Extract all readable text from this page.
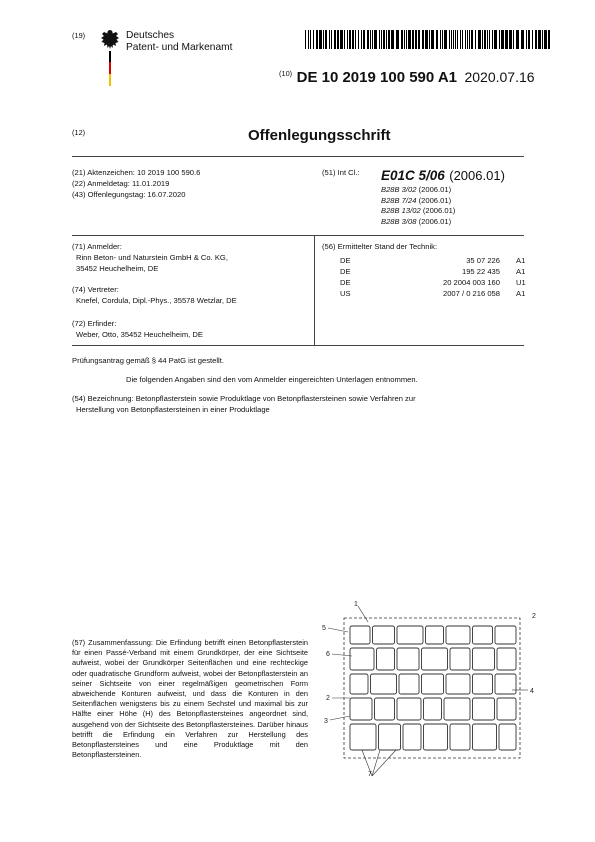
(19)	Deutsches
Patent- und Markenamt
$^{(10)}$ DE 10 2019 100 590 A1 2020.07.16
(12)	Offenlegungsschrift
(21) Aktenzeichen: 10 2019 100 590.6
(22) Anmeldetag: 11.01.2019
(43) Offenlegungstag: 16.07.2020
(51) Int Cl.: E01C 5/06 (2006.01)
B28B 3/02 (2006.01)
B28B 7/24 (2006.01)
B28B 13/02 (2006.01)
B28B 3/08 (2006.01)
(71) Anmelder:
Rinn Beton- und Naturstein GmbH & Co. KG,
35452 Heuchelheim, DE
(74) Vertreter:
Knefel, Cordula, Dipl.-Phys., 35578 Wetzlar, DE
(72) Erfinder:
Weber, Otto, 35452 Heuchelheim, DE
(56) Ermittelter Stand der Technik:
DE	35 07 226	A1
DE	195 22 435	A1
DE	20 2004 003 160	U1
US	2007 / 0 216 058	A1
Prüfungsantrag gemäß § 44 PatG ist gestellt.
Die folgenden Angaben sind den vom Anmelder eingereichten Unterlagen entnommen.
(54) Bezeichnung: Betonpflasterstein sowie Produktlage von Betonpflastersteinen sowie Verfahren zur
Herstellung von Betonpflastersteinen in einer Produktlage
(57) Zusammenfassung: Die Erfindung betrifft einen Betonpflasterstein für einen Passé-Verband mit einem Grundkörper, der eine Sichtseite aufweist, wobei der Grundkörper Seitenflächen und eine rechteckige oder quadratische Grundform aufweist, wobei der Betonpflasterstein an seiner Sichtseite von einer regelmäßigen geometrischen Form abweichende Konturen aufweist, und dass die Konturen in den Seitenflächen wenigstens bis zu einem Sechstel und maximal bis zur Hälfte einer Höhe (H) des Betonpflastersteines angeordnet sind, ausgehend von der Sichtseite des Betonpflastersteines. Darüber hinaus betrifft die Erfindung ein Verfahren zur Herstellung des Betonpflastersteines und eine Produktlage mit den Betonpflastersteinen.
1
5
6
2
3
4
7
2
